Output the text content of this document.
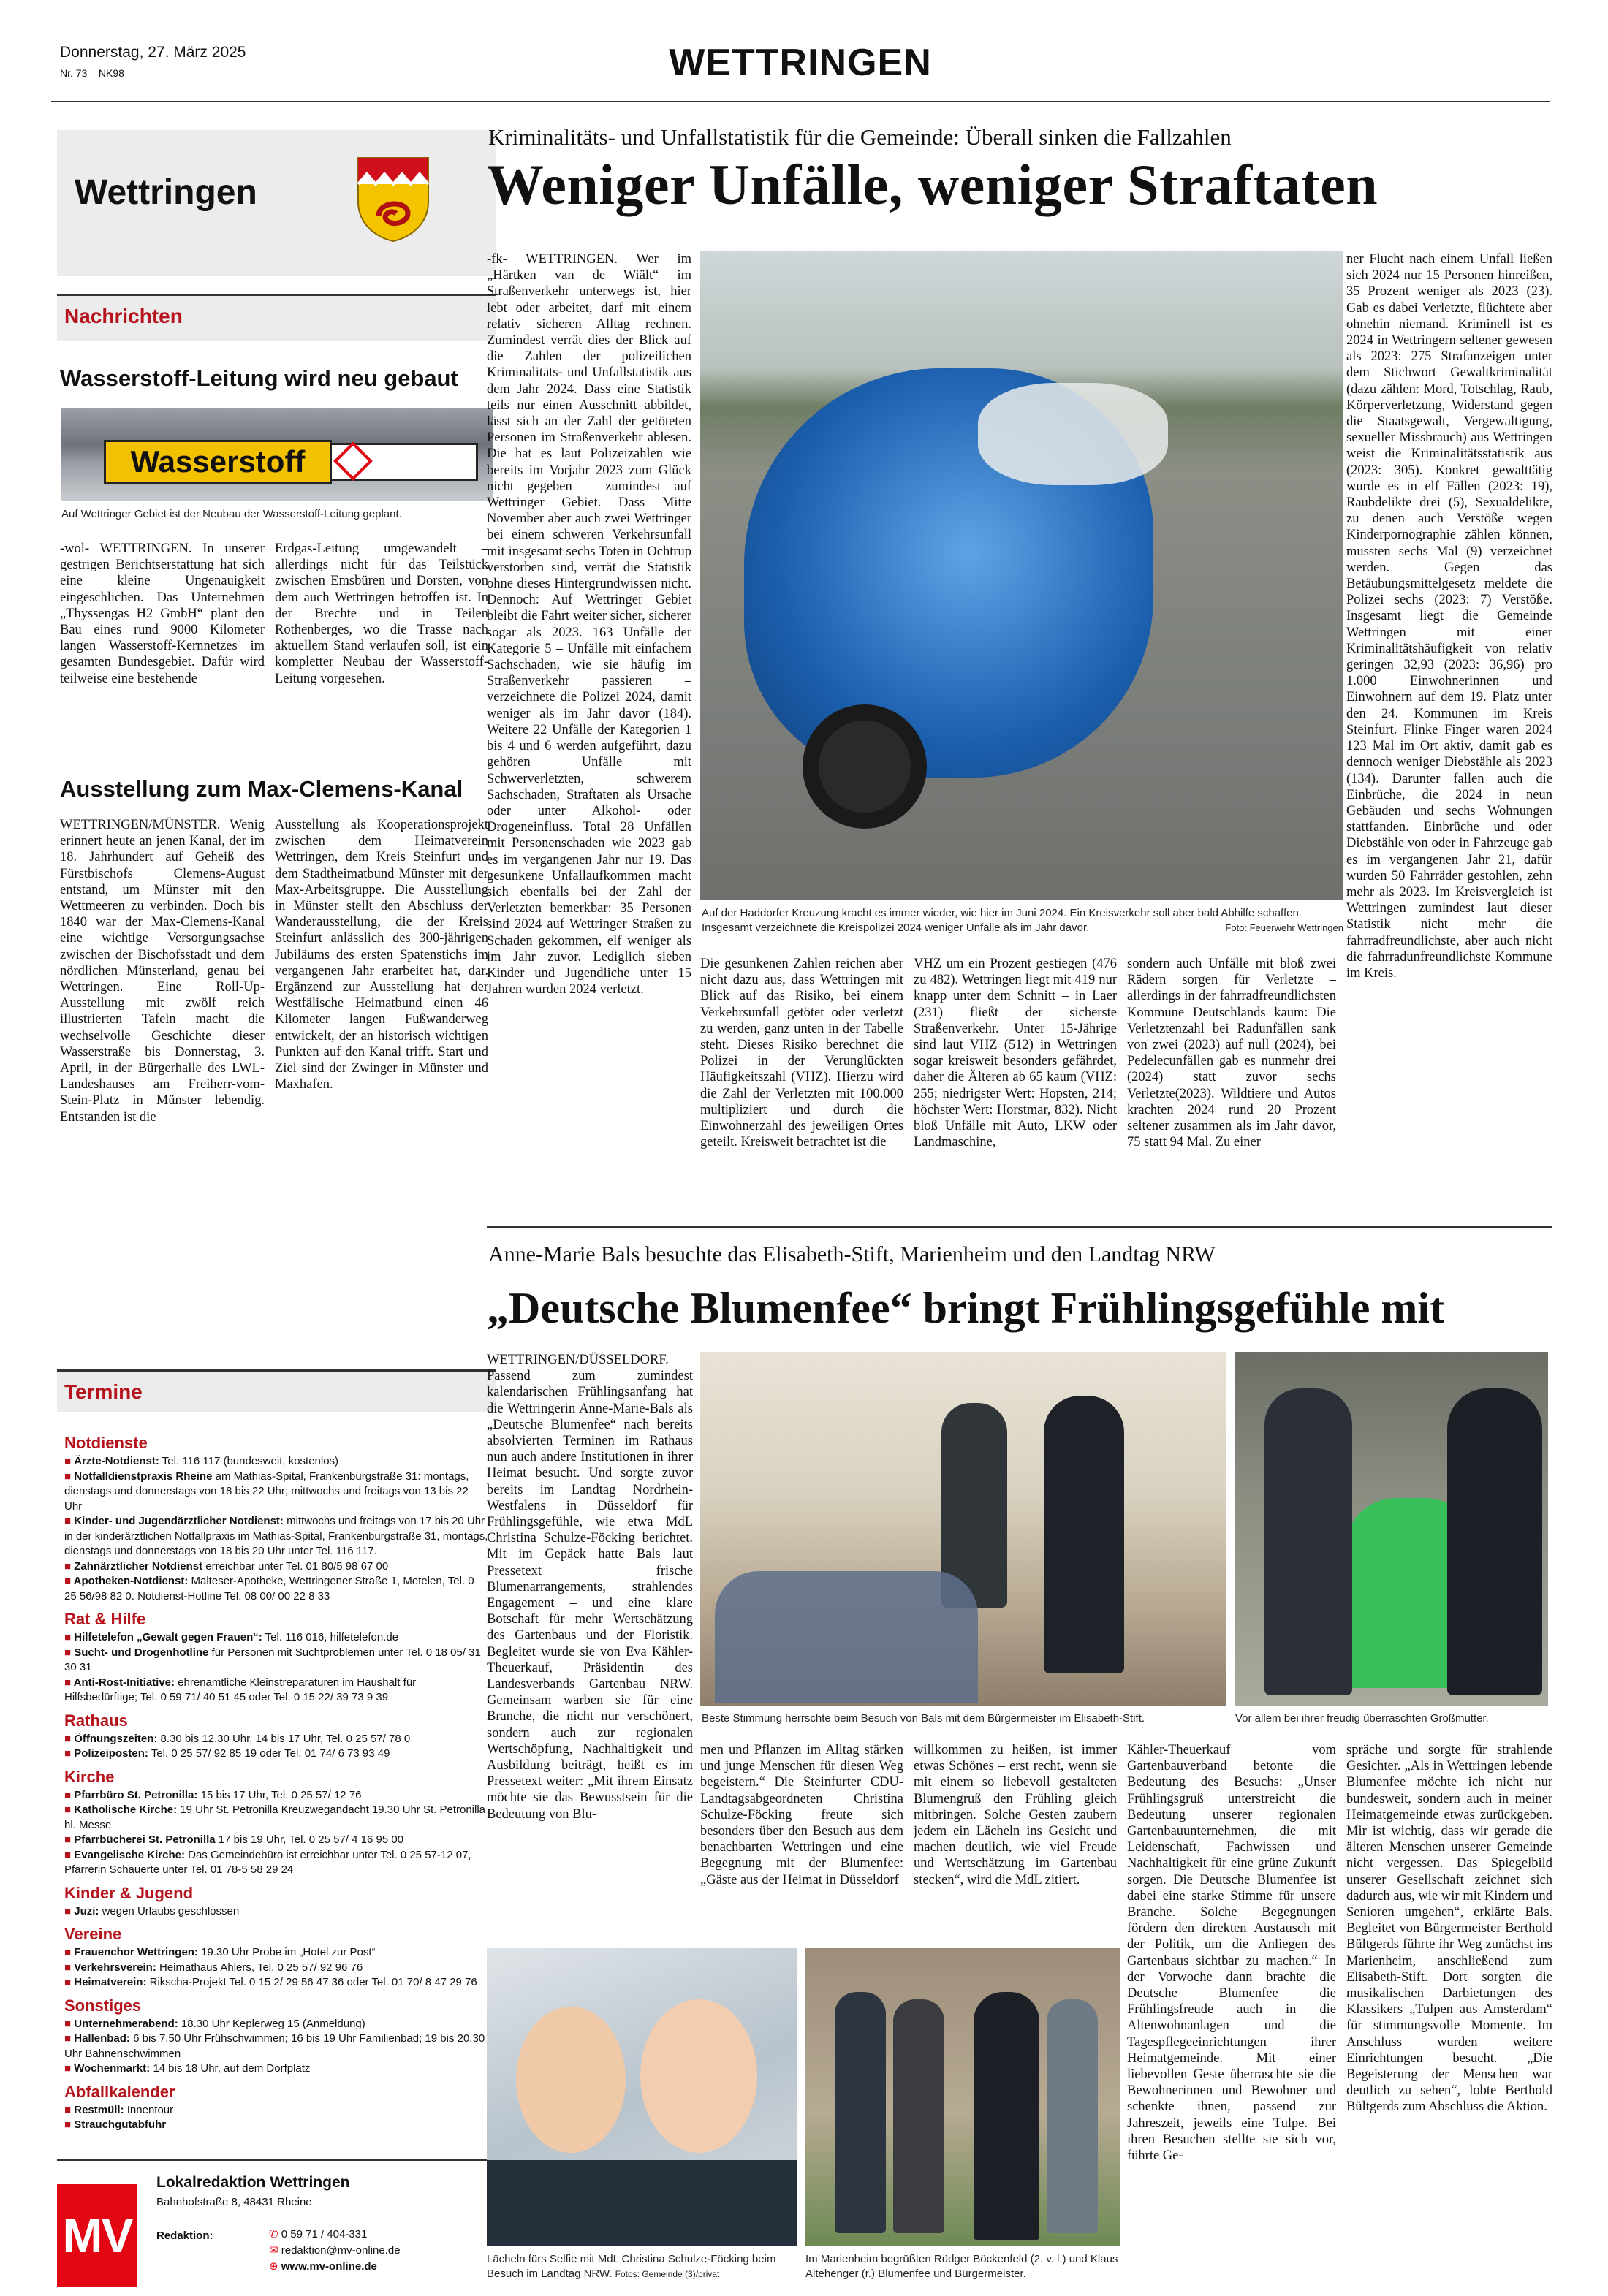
Donnerstag, 27. März 2025
Nr. 73 NK98	WETTRINGEN
Wettringen
Nachrichten
Wasserstoff-Leitung wird neu gebaut
Wasserstoff
Auf Wettringer Gebiet ist der Neubau der Wasserstoff-Leitung geplant.
-wol- WETTRINGEN. In unserer gestrigen Berichtserstattung hat sich eine kleine Ungenauigkeit eingeschlichen. Das Unternehmen „Thyssengas H2 GmbH“ plant den Bau eines rund 9000 Kilometer langen Wasserstoff-Kernnetzes im gesamten Bundesgebiet. Dafür wird teilweise eine bestehende
Erdgas-Leitung umgewandelt – allerdings nicht für das Teilstück zwischen Emsbüren und Dorsten, von dem auch Wettringen betroffen ist. In der Brechte und in Teilen Rothenberges, wo die Trasse nach aktuellem Stand verlaufen soll, ist ein kompletter Neubau der Wasserstoff-Leitung vorgesehen.
Ausstellung zum Max-Clemens-Kanal
WETTRINGEN/MÜNSTER. Wenig erinnert heute an jenen Kanal, der im 18. Jahrhundert auf Geheiß des Fürstbischofs Clemens-August entstand, um Münster mit den Wettmeeren zu verbinden. Doch bis 1840 war der Max-Clemens-Kanal eine wichtige Versorgungsachse zwischen der Bischofsstadt und dem nördlichen Münsterland, genau bei Wettringen. Eine Roll-Up-Ausstellung mit zwölf reich illustrierten Tafeln macht die wechselvolle Geschichte dieser Wasserstraße bis Donnerstag, 3. April, in der Bürgerhalle des LWL-Landeshauses am Freiherr-vom-Stein-Platz in Münster lebendig. Entstanden ist die
Ausstellung als Kooperationsprojekt zwischen dem Heimatverein Wettringen, dem Kreis Steinfurt und dem Stadtheimatbund Münster mit der Max-Arbeitsgruppe. Die Ausstellung in Münster stellt den Abschluss der Wanderausstellung, die der Kreis Steinfurt anlässlich des 300-jährigen Jubiläums des ersten Spatenstichs im vergangenen Jahr erarbeitet hat, dar. Ergänzend zur Ausstellung hat der Westfälische Heimatbund einen 46 Kilometer langen Fußwanderweg entwickelt, der an historisch wichtigen Punkten auf den Kanal trifft. Start und Ziel sind der Zwinger in Münster und Maxhafen.
Termine
Notdienste
■ Ärzte-Notdienst: Tel. 116 117 (bundesweit, kostenlos)
■ Notfalldienstpraxis Rheine am Mathias-Spital, Frankenburgstraße 31: montags, dienstags und donnerstags von 18 bis 22 Uhr; mittwochs und freitags von 13 bis 22 Uhr
■ Kinder- und Jugendärztlicher Notdienst: mittwochs und freitags von 17 bis 20 Uhr in der kinderärztlichen Notfallpraxis im Mathias-Spital, Frankenburgstraße 31, montags, dienstags und donnerstags von 18 bis 20 Uhr unter Tel. 116 117.
■ Zahnärztlicher Notdienst erreichbar unter Tel. 01 80/5 98 67 00
■ Apotheken-Notdienst: Malteser-Apotheke, Wettringener Straße 1, Metelen, Tel. 0 25 56/98 82 0. Notdienst-Hotline Tel. 08 00/ 00 22 8 33
Rat & Hilfe
■ Hilfetelefon „Gewalt gegen Frauen“: Tel. 116 016, hilfetelefon.de
■ Sucht- und Drogenhotline für Personen mit Suchtproblemen unter Tel. 0 18 05/ 31 30 31
■ Anti-Rost-Initiative: ehrenamtliche Kleinstreparaturen im Haushalt für Hilfsbedürftige; Tel. 0 59 71/ 40 51 45 oder Tel. 0 15 22/ 39 73 9 39
Rathaus
■ Öffnungszeiten: 8.30 bis 12.30 Uhr, 14 bis 17 Uhr, Tel. 0 25 57/ 78 0
■ Polizeiposten: Tel. 0 25 57/ 92 85 19 oder Tel. 01 74/ 6 73 93 49
Kirche
■ Pfarrbüro St. Petronilla: 15 bis 17 Uhr, Tel. 0 25 57/ 12 76
■ Katholische Kirche: 19 Uhr St. Petronilla Kreuzwegandacht 19.30 Uhr St. Petronilla hl. Messe
■ Pfarrbücherei St. Petronilla 17 bis 19 Uhr, Tel. 0 25 57/ 4 16 95 00
■ Evangelische Kirche: Das Gemeindebüro ist erreichbar unter Tel. 0 25 57-12 07, Pfarrerin Schauerte unter Tel. 01 78-5 58 29 24
Kinder & Jugend
■ Juzi: wegen Urlaubs geschlossen
Vereine
■ Frauenchor Wettringen: 19.30 Uhr Probe im „Hotel zur Post“
■ Verkehrsverein: Heimathaus Ahlers, Tel. 0 25 57/ 92 96 76
■ Heimatverein: Rikscha-Projekt Tel. 0 15 2/ 29 56 47 36 oder Tel. 01 70/ 8 47 29 76
Sonstiges
■ Unternehmerabend: 18.30 Uhr Keplerweg 15 (Anmeldung)
■ Hallenbad: 6 bis 7.50 Uhr Frühschwimmen; 16 bis 19 Uhr Familienbad; 19 bis 20.30 Uhr Bahnenschwimmen
■ Wochenmarkt: 14 bis 18 Uhr, auf dem Dorfplatz
Abfallkalender
■ Restmüll: Innentour
■ Strauchgutabfuhr
MV
Lokalredaktion Wettringen
Bahnhofstraße 8, 48431 Rheine
Redaktion:	✆ 0 59 71 / 404-331
✉ redaktion@mv-online.de
⊕ www.mv-online.de
Kriminalitäts- und Unfallstatistik für die Gemeinde: Überall sinken die Fallzahlen
Weniger Unfälle, weniger Straftaten
-fk- WETTRINGEN. Wer im „Härtken van de Wiält“ im Straßenverkehr unterwegs ist, hier lebt oder arbeitet, darf mit einem relativ sicheren Alltag rechnen. Zumindest verrät dies der Blick auf die Zahlen der polizeilichen Kriminalitäts- und Unfallstatistik aus dem Jahr 2024. Dass eine Statistik teils nur einen Ausschnitt abbildet, lässt sich an der Zahl der getöteten Personen im Straßenverkehr ablesen. Die hat es laut Polizeizahlen wie bereits im Vorjahr 2023 zum Glück nicht gegeben – zumindest auf Wettringer Gebiet. Dass Mitte November aber auch zwei Wettringer bei einem schweren Verkehrsunfall mit insgesamt sechs Toten in Ochtrup verstorben sind, verrät die Statistik ohne dieses Hintergrundwissen nicht. Dennoch: Auf Wettringer Gebiet bleibt die Fahrt weiter sicher, sicherer sogar als 2023. 163 Unfälle der Kategorie 5 – Unfälle mit einfachem Sachschaden, wie sie häufig im Straßenverkehr passieren – verzeichnete die Polizei 2024, damit weniger als im Jahr davor (184). Weitere 22 Unfälle der Kategorien 1 bis 4 und 6 werden aufgeführt, dazu gehören Unfälle mit Schwerverletzten, schwerem Sachschaden, Straftaten als Ursache oder unter Alkohol- oder Drogeneinfluss. Total 28 Unfällen mit Personenschaden wie 2023 gab es im vergangenen Jahr nur 19. Das gesunkene Unfallaufkommen macht sich ebenfalls bei der Zahl der Verletzten bemerkbar: 35 Personen sind 2024 auf Wettringer Straßen zu Schaden gekommen, elf weniger als im Jahr zuvor. Lediglich sieben Kinder und Jugendliche unter 15 Jahren wurden 2024 verletzt.
Auf der Haddorfer Kreuzung kracht es immer wieder, wie hier im Juni 2024. Ein Kreisverkehr soll aber bald Abhilfe schaffen. Insgesamt verzeichnete die Kreispolizei 2024 weniger Unfälle als im Jahr davor.	Foto: Feuerwehr Wettringen
Die gesunkenen Zahlen reichen aber nicht dazu aus, dass Wettringen mit Blick auf das Risiko, bei einem Verkehrsunfall getötet oder verletzt zu werden, ganz unten in der Tabelle steht. Dieses Risiko berechnet die Polizei in der Verunglückten Häufigkeitszahl (VHZ). Hierzu wird die Zahl der Verletzten mit 100.000 multipliziert und durch die Einwohnerzahl des jeweiligen Ortes geteilt. Kreisweit betrachtet ist die
VHZ um ein Prozent gestiegen (476 zu 482). Wettringen liegt mit 419 nur knapp unter dem Schnitt – in Laer (231) fließt der sicherste Straßenverkehr. Unter 15-Jährige sind laut VHZ (512) in Wettringen sogar kreisweit besonders gefährdet, daher die Älteren ab 65 kaum (VHZ: 255; niedrigster Wert: Hopsten, 214; höchster Wert: Horstmar, 832). Nicht bloß Unfälle mit Auto, LKW oder Landmaschine,
sondern auch Unfälle mit bloß zwei Rädern sorgen für Verletzte – allerdings in der fahrradfreundlichsten Kommune Deutschlands kaum: Die Verletztenzahl bei Radunfällen sank von zwei (2023) auf null (2024), bei Pedelecunfällen gab es nunmehr drei (2024) statt zuvor sechs Verletzte(2023). Wildtiere und Autos krachten 2024 rund 20 Prozent seltener zusammen als im Jahr davor, 75 statt 94 Mal. Zu einer
ner Flucht nach einem Unfall ließen sich 2024 nur 15 Personen hinreißen, 35 Prozent weniger als 2023 (23). Gab es dabei Verletzte, flüchtete aber ohnehin niemand. Kriminell ist es 2024 in Wettringern seltener gewesen als 2023: 275 Strafanzeigen unter dem Stichwort Gewaltkriminalität (dazu zählen: Mord, Totschlag, Raub, Körperverletzung, Widerstand gegen die Staatsgewalt, Vergewaltigung, sexueller Missbrauch) aus Wettringen weist die Kriminalitätsstatistik aus (2023: 305). Konkret gewalttätig wurde es in elf Fällen (2023: 19), Raubdelikte drei (5), Sexualdelikte, zu denen auch Verstöße wegen Kinderpornographie zählen können, mussten sechs Mal (9) verzeichnet werden. Gegen das Betäubungsmittelgesetz meldete die Polizei sechs (2023: 7) Verstöße. Insgesamt liegt die Gemeinde Wettringen mit einer Kriminalitätshäufigkeit von relativ geringen 32,93 (2023: 36,96) pro 1.000 Einwohnerinnen und Einwohnern auf dem 19. Platz unter den 24. Kommunen im Kreis Steinfurt. Flinke Finger waren 2024 123 Mal im Ort aktiv, damit gab es dennoch weniger Diebstähle als 2023 (134). Darunter fallen auch die Einbrüche, die 2024 in neun Gebäuden und sechs Wohnungen stattfanden. Einbrüche und oder Diebstähle von oder in Fahrzeuge gab es im vergangenen Jahr 21, dafür wurden 50 Fahrräder gestohlen, zehn mehr als 2023. Im Kreisvergleich ist Wettringen zumindest laut dieser Statistik nicht mehr die fahrradfreundlichste, aber auch nicht die fahrradunfreundlichste Kommune im Kreis.
Anne-Marie Bals besuchte das Elisabeth-Stift, Marienheim und den Landtag NRW
„Deutsche Blumenfee“ bringt Frühlingsgefühle mit
WETTRINGEN/DÜSSELDORF. Passend zum zumindest kalendarischen Frühlingsanfang hat die Wettringerin Anne-Marie-Bals als „Deutsche Blumenfee“ nach bereits absolvierten Terminen im Rathaus nun auch andere Institutionen in ihrer Heimat besucht. Und sorgte zuvor bereits im Landtag Nordrhein-Westfalens in Düsseldorf für Frühlingsgefühle, wie etwa MdL Christina Schulze-Föcking berichtet. Mit im Gepäck hatte Bals laut Pressetext frische Blumenarrangements, strahlendes Engagement – und eine klare Botschaft für mehr Wertschätzung des Gartenbaus und der Floristik. Begleitet wurde sie von Eva Kähler-Theuerkauf, Präsidentin des Landesverbands Gartenbau NRW. Gemeinsam warben sie für eine Branche, die nicht nur verschönert, sondern auch zur regionalen Wertschöpfung, Nachhaltigkeit und Ausbildung beiträgt, heißt es im Pressetext weiter: „Mit ihrem Einsatz möchte sie das Bewusstsein für die Bedeutung von Blu-
Beste Stimmung herrschte beim Besuch von Bals mit dem Bürgermeister im Elisabeth-Stift.	Vor allem bei ihrer freudig überraschten Großmutter.
men und Pflanzen im Alltag stärken und junge Menschen für diesen Weg begeistern.“ Die Steinfurter CDU-Landtagsabgeordneten Christina Schulze-Föcking freute sich besonders über den Besuch aus dem benachbarten Wettringen und eine Begegnung mit der Blumenfee: „Gäste aus der Heimat in Düsseldorf
willkommen zu heißen, ist immer etwas Schönes – erst recht, wenn sie mit einem so liebevoll gestalteten Blumengruß den Frühling gleich mitbringen. Solche Gesten zaubern jedem ein Lächeln ins Gesicht und machen deutlich, wie viel Freude und Wertschätzung im Gartenbau stecken“, wird die MdL zitiert.
Kähler-Theuerkauf vom Gartenbauverband betonte die Bedeutung des Besuchs: „Unser Frühlingsgruß unterstreicht die Bedeutung unserer regionalen Gartenbauunternehmen, die mit Leidenschaft, Fachwissen und Nachhaltigkeit für eine grüne Zukunft sorgen. Die Deutsche Blumenfee ist dabei eine starke Stimme für unsere Branche. Solche Begegnungen fördern den direkten Austausch mit der Politik, um die Anliegen des Gartenbaus sichtbar zu machen.“ In der Vorwoche dann brachte die Deutsche Blumenfee die Frühlingsfreude auch in die Altenwohnanlagen und die Tagespflegeeinrichtungen ihrer Heimatgemeinde. Mit einer liebevollen Geste überraschte sie die Bewohnerinnen und Bewohner und schenkte ihnen, passend zur Jahreszeit, jeweils eine Tulpe. Bei ihren Besuchen stellte sie sich vor, führte Ge-
spräche und sorgte für strahlende Gesichter. „Als in Wettringen lebende Blumenfee möchte ich nicht nur bundesweit, sondern auch in meiner Heimatgemeinde etwas zurückgeben. Mir ist wichtig, dass wir gerade die älteren Menschen unserer Gemeinde nicht vergessen. Das Spiegelbild unserer Gesellschaft zeichnet sich dadurch aus, wie wir mit Kindern und Senioren umgehen“, erklärte Bals. Begleitet von Bürgermeister Berthold Bültgerds führte ihr Weg zunächst ins Marienheim, anschließend zum Elisabeth-Stift. Dort sorgten die musikalischen Darbietungen des Klassikers „Tulpen aus Amsterdam“ für stimmungsvolle Momente. Im Anschluss wurden weitere Einrichtungen besucht. „Die Begeisterung der Menschen war deutlich zu sehen“, lobte Berthold Bültgerds zum Abschluss die Aktion.
Lächeln fürs Selfie mit MdL Christina Schulze-Föcking beim Besuch im Landtag NRW. Fotos: Gemeinde (3)/privat
Im Marienheim begrüßten Rüdger Böckenfeld (2. v. l.) und Klaus Altehenger (r.) Blumenfee und Bürgermeister.
